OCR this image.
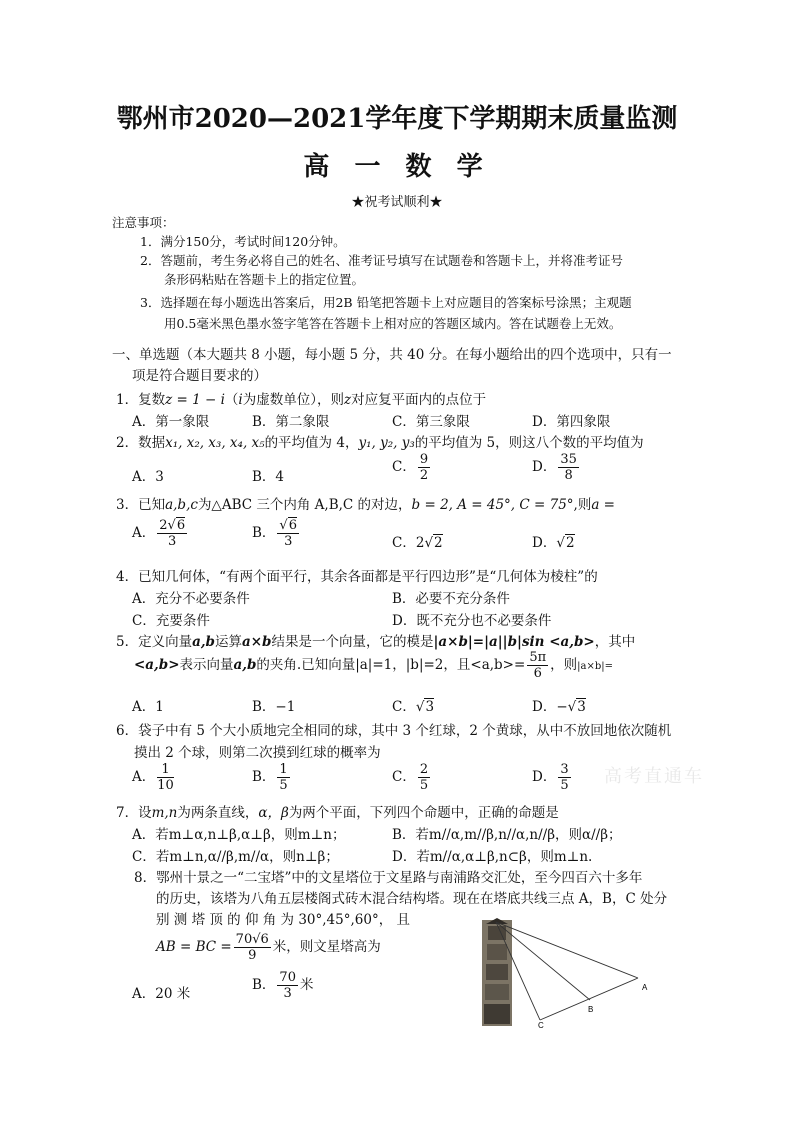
鄂州市2020—2021学年度下学期期末质量监测
高 一 数 学
★祝考试顺利★
注意事项：
1．满分150分，考试时间120分钟。
2．答题前，考生务必将自己的姓名、准考证号填写在试题卷和答题卡上，并将准考证号
条形码粘贴在答题卡上的指定位置。
3．选择题在每小题选出答案后，用2B 铅笔把答题卡上对应题目的答案标号涂黑；主观题
用0.5毫米黑色墨水签字笔答在答题卡上相对应的答题区域内。答在试题卷上无效。
一、单选题（本大题共 8 小题，每小题 5 分，共 40 分。在每小题给出的四个选项中，只有一
项是符合题目要求的）
1．复数z = 1 − i（i为虚数单位），则z对应复平面内的点位于
A．第一象限	B．第二象限	C．第三象限	D．第四象限
2．数据x₁, x₂, x₃, x₄, x₅的平均值为 4，y₁, y₂, y₃的平均值为 5，则这八个数的平均值为
A．3	B．4
C． $\frac{9}{2}$	D． $\frac{35}{8}$
3．已知a,b,c为△ABC 三个内角 A,B,C 的对边，b = 2, A = 45°, C = 75°,则a =
A． $\frac{2√6}{3}$	B． $\frac{√6}{3}$	C．2√2	D．√2
4．已知几何体，“有两个面平行，其余各面都是平行四边形”是“几何体为棱柱”的
A．充分不必要条件	B．必要不充分条件
C．充要条件	D．既不充分也不必要条件
5．定义向量a,b运算a×b结果是一个向量，它的模是|a×b|=|a||b|sin <a,b>，其中
<a,b>表示向量a,b的夹角.已知向量|a|=1，|b|=2，且$<a,b>= \frac{5\pi}{6}$ ，则|a×b|=
A．1	B．−1	C．√3	D．−√3
6．袋子中有 5 个大小质地完全相同的球，其中 3 个红球，2 个黄球，从中不放回地依次随机
摸出 2 个球，则第二次摸到红球的概率为
A． $\frac{1}{10}$	B． $\frac{1}{5}$	C． $\frac{2}{5}$	D． $\frac{3}{5}$ 高考直通车
7．设m,n为两条直线，α，β为两个平面，下列四个命题中，正确的命题是
A．若m⊥α,n⊥β,α⊥β，则m⊥n；	B．若m//α,m//β,n//α,n//β，则α//β；
C．若m⊥n,α//β,m//α，则n⊥β；	D．若m//α,α⊥β,n⊂β，则m⊥n.
8．鄂州十景之一“二宝塔”中的文星塔位于文星路与南浦路交汇处，至今四百六十多年
的历史，该塔为八角五层楼阁式砖木混合结构塔。现在在塔底共线三点 A，B，C 处分
别 测 塔 顶 的 仰 角 为 30°,45°,60°， 且
AB = BC = $\frac{70√6}{9}$ 米，则文星塔高为
A．20 米
B． $\frac{70}{3}$ 米	A
B
C
